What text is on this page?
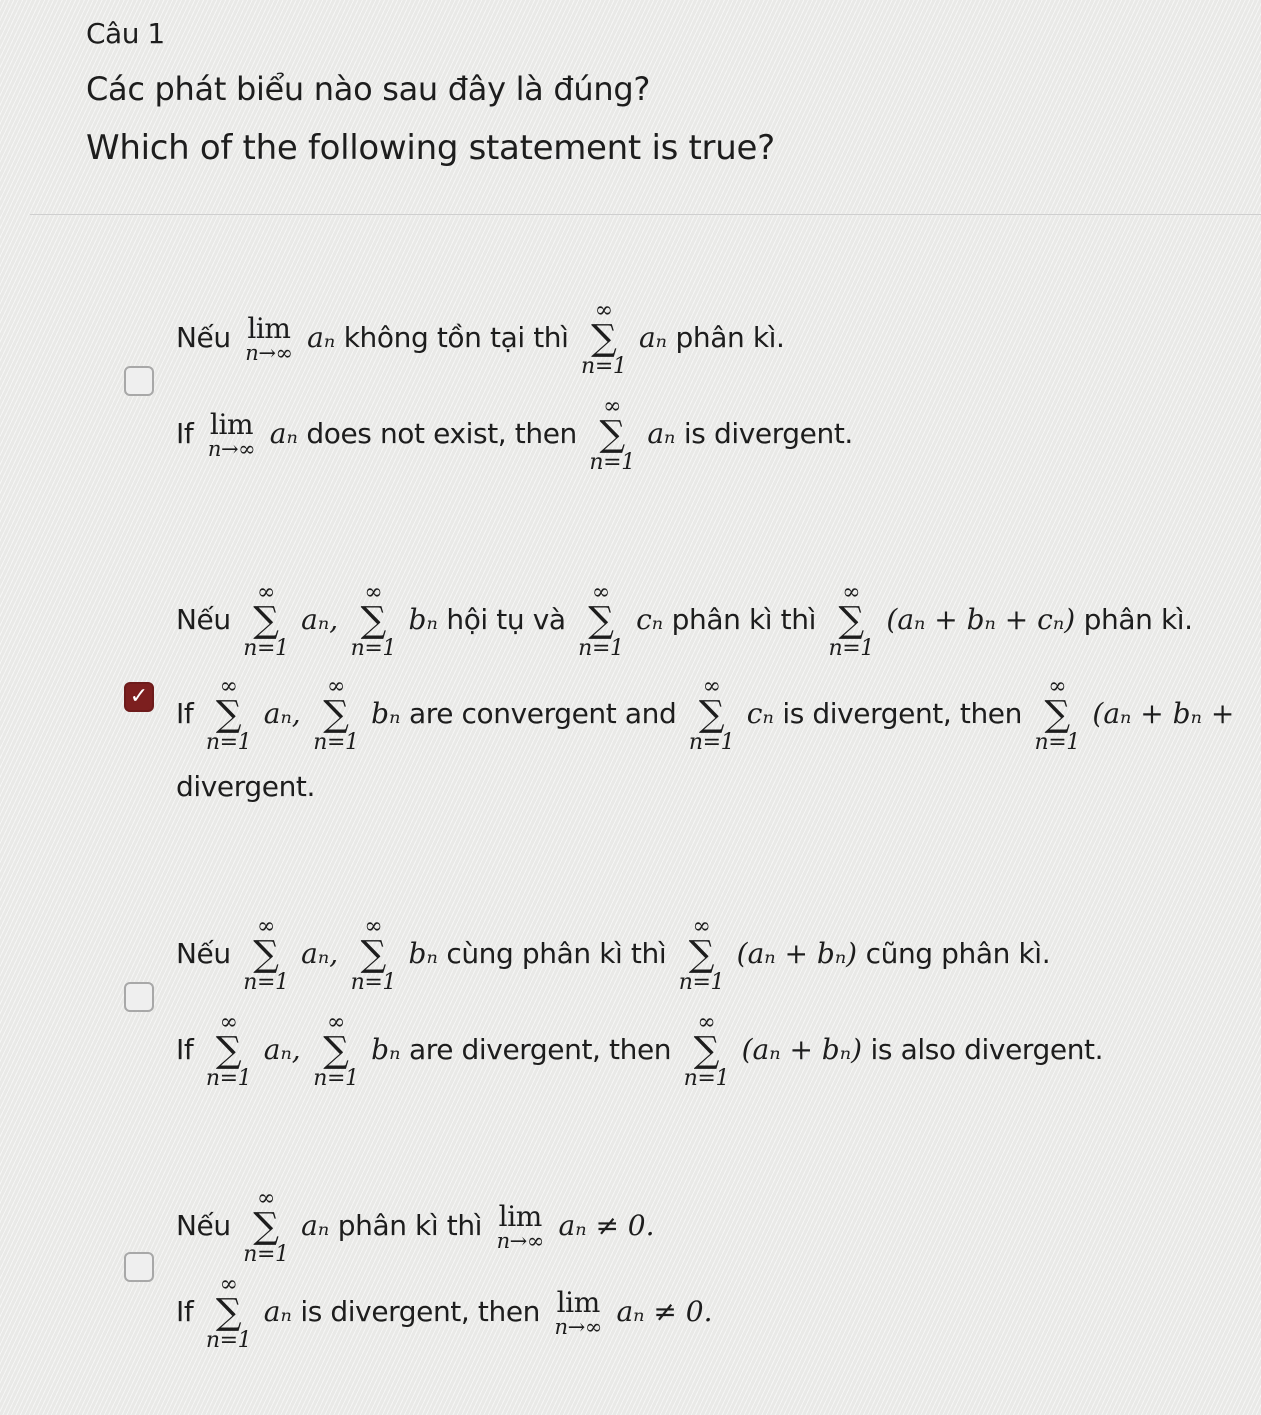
Câu 1
Các phát biểu nào sau đây là đúng?
Which of the following statement is true?
Nếu lim
n→∞ aₙ không tồn tại thì
∞
∑
n=1
aₙ phân kì.
If lim
n→∞ aₙ does not exist, then
∞
∑
n=1
aₙ is divergent.
✓
Nếu
∞
∑
n=1
aₙ,
∞
∑
n=1
bₙ hội tụ và
∞
∑
n=1
cₙ phân kì thì
∞
∑
n=1
(aₙ + bₙ + cₙ) phân kì.
If
∞
∑
n=1
aₙ,
∞
∑
n=1
bₙ are convergent and
∞
∑
n=1
cₙ is divergent, then
∞
∑
n=1
(aₙ + bₙ +
divergent.
Nếu
∞
∑
n=1
aₙ,
∞
∑
n=1
bₙ cùng phân kì thì
∞
∑
n=1
(aₙ + bₙ) cũng phân kì.
If
∞
∑
n=1
aₙ,
∞
∑
n=1
bₙ are divergent, then
∞
∑
n=1
(aₙ + bₙ) is also divergent.
Nếu
∞
∑
n=1
aₙ phân kì thì lim
n→∞ aₙ ≠ 0.
If
∞
∑
n=1
aₙ is divergent, then lim
n→∞ aₙ ≠ 0.
